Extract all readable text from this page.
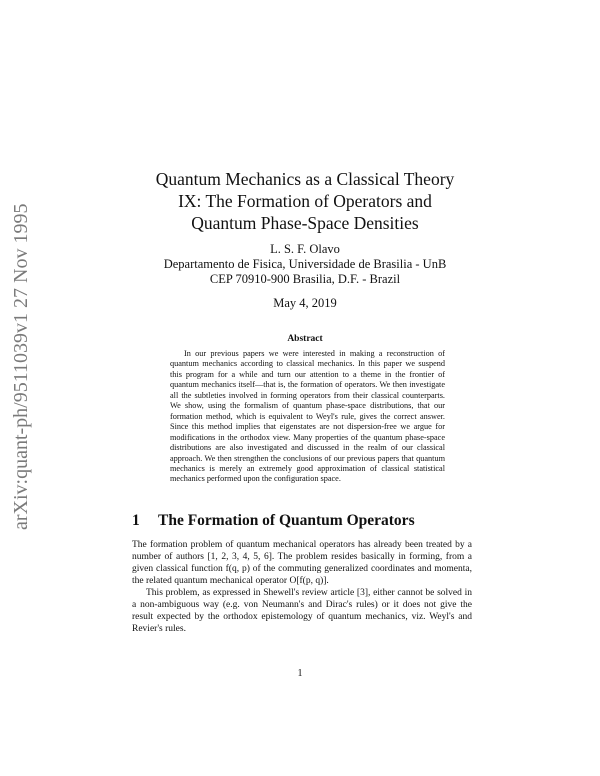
arXiv:quant-ph/9511039v1 27 Nov 1995
Quantum Mechanics as a Classical Theory
IX: The Formation of Operators and
Quantum Phase-Space Densities
L. S. F. Olavo
Departamento de Fisica, Universidade de Brasilia - UnB
CEP 70910-900 Brasilia, D.F. - Brazil
May 4, 2019
Abstract

In our previous papers we were interested in making a reconstruction of quantum mechanics according to classical mechanics. In this paper we suspend this program for a while and turn our attention to a theme in the frontier of quantum mechanics itself—that is, the formation of operators. We then investigate all the subtleties involved in forming operators from their classical counterparts. We show, using the formalism of quantum phase-space distributions, that our formation method, which is equivalent to Weyl's rule, gives the correct answer. Since this method implies that eigenstates are not dispersion-free we argue for modifications in the orthodox view. Many properties of the quantum phase-space distributions are also investigated and discussed in the realm of our classical approach. We then strengthen the conclusions of our previous papers that quantum mechanics is merely an extremely good approximation of classical statistical mechanics performed upon the configuration space.

1 The Formation of Quantum Operators

The formation problem of quantum mechanical operators has already been treated by a number of authors [1, 2, 3, 4, 5, 6]. The problem resides basically in forming, from a given classical function f(q, p) of the commuting generalized coordinates and momenta, the related quantum mechanical operator O[f(p, q)].

This problem, as expressed in Shewell's review article [3], either cannot be solved in a non-ambiguous way (e.g. von Neumann's and Dirac's rules) or it does not give the result expected by the orthodox epistemology of quantum mechanics, viz. Weyl's and Revier's rules.

1
